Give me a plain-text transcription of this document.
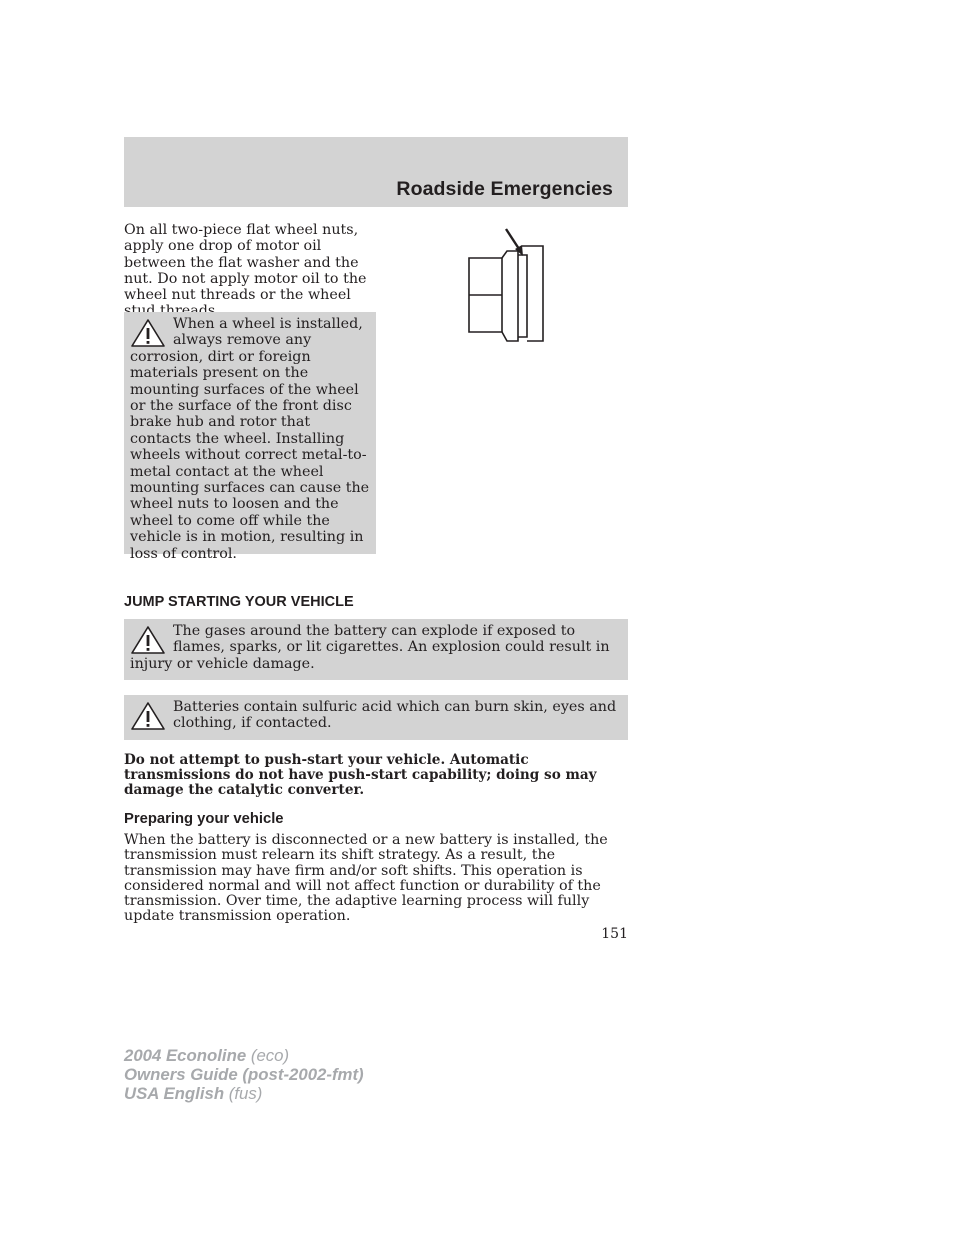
Roadside Emergencies
On all two-piece flat wheel nuts, apply one drop of motor oil between the flat washer and the nut. Do not apply motor oil to the wheel nut threads or the wheel
When a wheel is installed, always remove any corrosion, dirt or foreign materials present on the mounting surfaces of the wheel or the surface of the front disc brake hub and rotor that contacts the wheel. Installing wheels without correct metal-to-metal contact at the wheel mounting surfaces can cause the wheel nuts to loosen and the wheel to come off while the vehicle is in motion, resulting in loss of control.
JUMP STARTING YOUR VEHICLE
The gases around the battery can explode if exposed to flames, sparks, or lit cigarettes. An explosion could result in injury or vehicle damage.
Batteries contain sulfuric acid which can burn skin, eyes and clothing, if contacted.
Do not attempt to push-start your vehicle. Automatic transmissions do not have push-start capability; doing so may damage the catalytic converter.
Preparing your vehicle
When the battery is disconnected or a new battery is installed, the transmission must relearn its shift strategy. As a result, the transmission may have firm and/or soft shifts. This operation is considered normal and will not affect function or durability of the transmission. Over time, the adaptive learning process will fully update transmission operation.
151
2004 Econoline (eco)
Owners Guide (post-2002-fmt)
USA English (fus)
